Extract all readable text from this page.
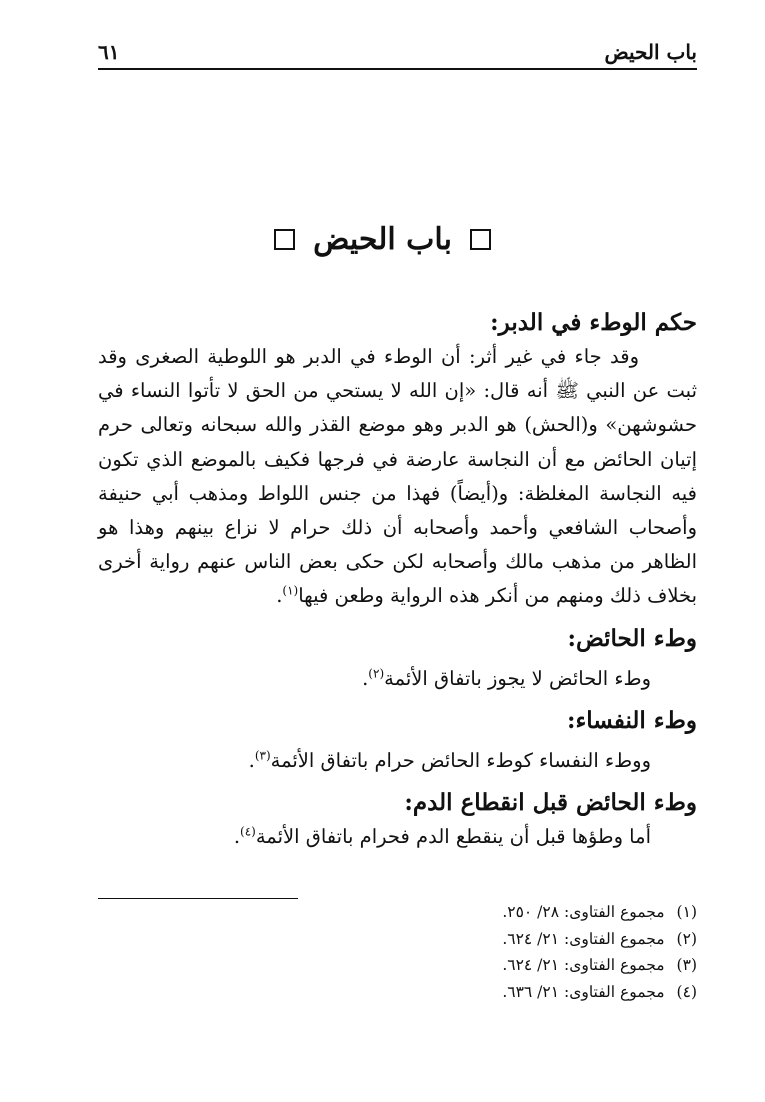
باب الحيض
٦١
باب الحيض
حكم الوطء في الدبر:

وقد جاء في غير أثر: أن الوطء في الدبر هو اللوطية الصغرى وقد ثبت عن النبي ﷺ أنه قال: «إن الله لا يستحي من الحق لا تأتوا النساء في حشوشهن» و(الحش) هو الدبر وهو موضع القذر والله سبحانه وتعالى حرم إتيان الحائض مع أن النجاسة عارضة في فرجها فكيف بالموضع الذي تكون فيه النجاسة المغلظة: و(أيضاً) فهذا من جنس اللواط ومذهب أبي حنيفة وأصحاب الشافعي وأحمد وأصحابه أن ذلك حرام لا نزاع بينهم وهذا هو الظاهر من مذهب مالك وأصحابه لكن حكى بعض الناس عنهم رواية أخرى بخلاف ذلك ومنهم من أنكر هذه الرواية وطعن فيها$^{(١)}$.

وطء الحائض:

وطء الحائض لا يجوز باتفاق الأئمة$^{(٢)}$.

وطء النفساء:

ووطء النفساء كوطء الحائض حرام باتفاق الأئمة$^{(٣)}$.

وطء الحائض قبل انقطاع الدم:

أما وطؤها قبل أن ينقطع الدم فحرام باتفاق الأئمة$^{(٤)}$.

(١)مجموع الفتاوى: ٢٨/ ٢٥٠.
(٢)مجموع الفتاوى: ٢١/ ٦٢٤.
(٣)مجموع الفتاوى: ٢١/ ٦٢٤.
(٤)مجموع الفتاوى: ٢١/ ٦٣٦.
